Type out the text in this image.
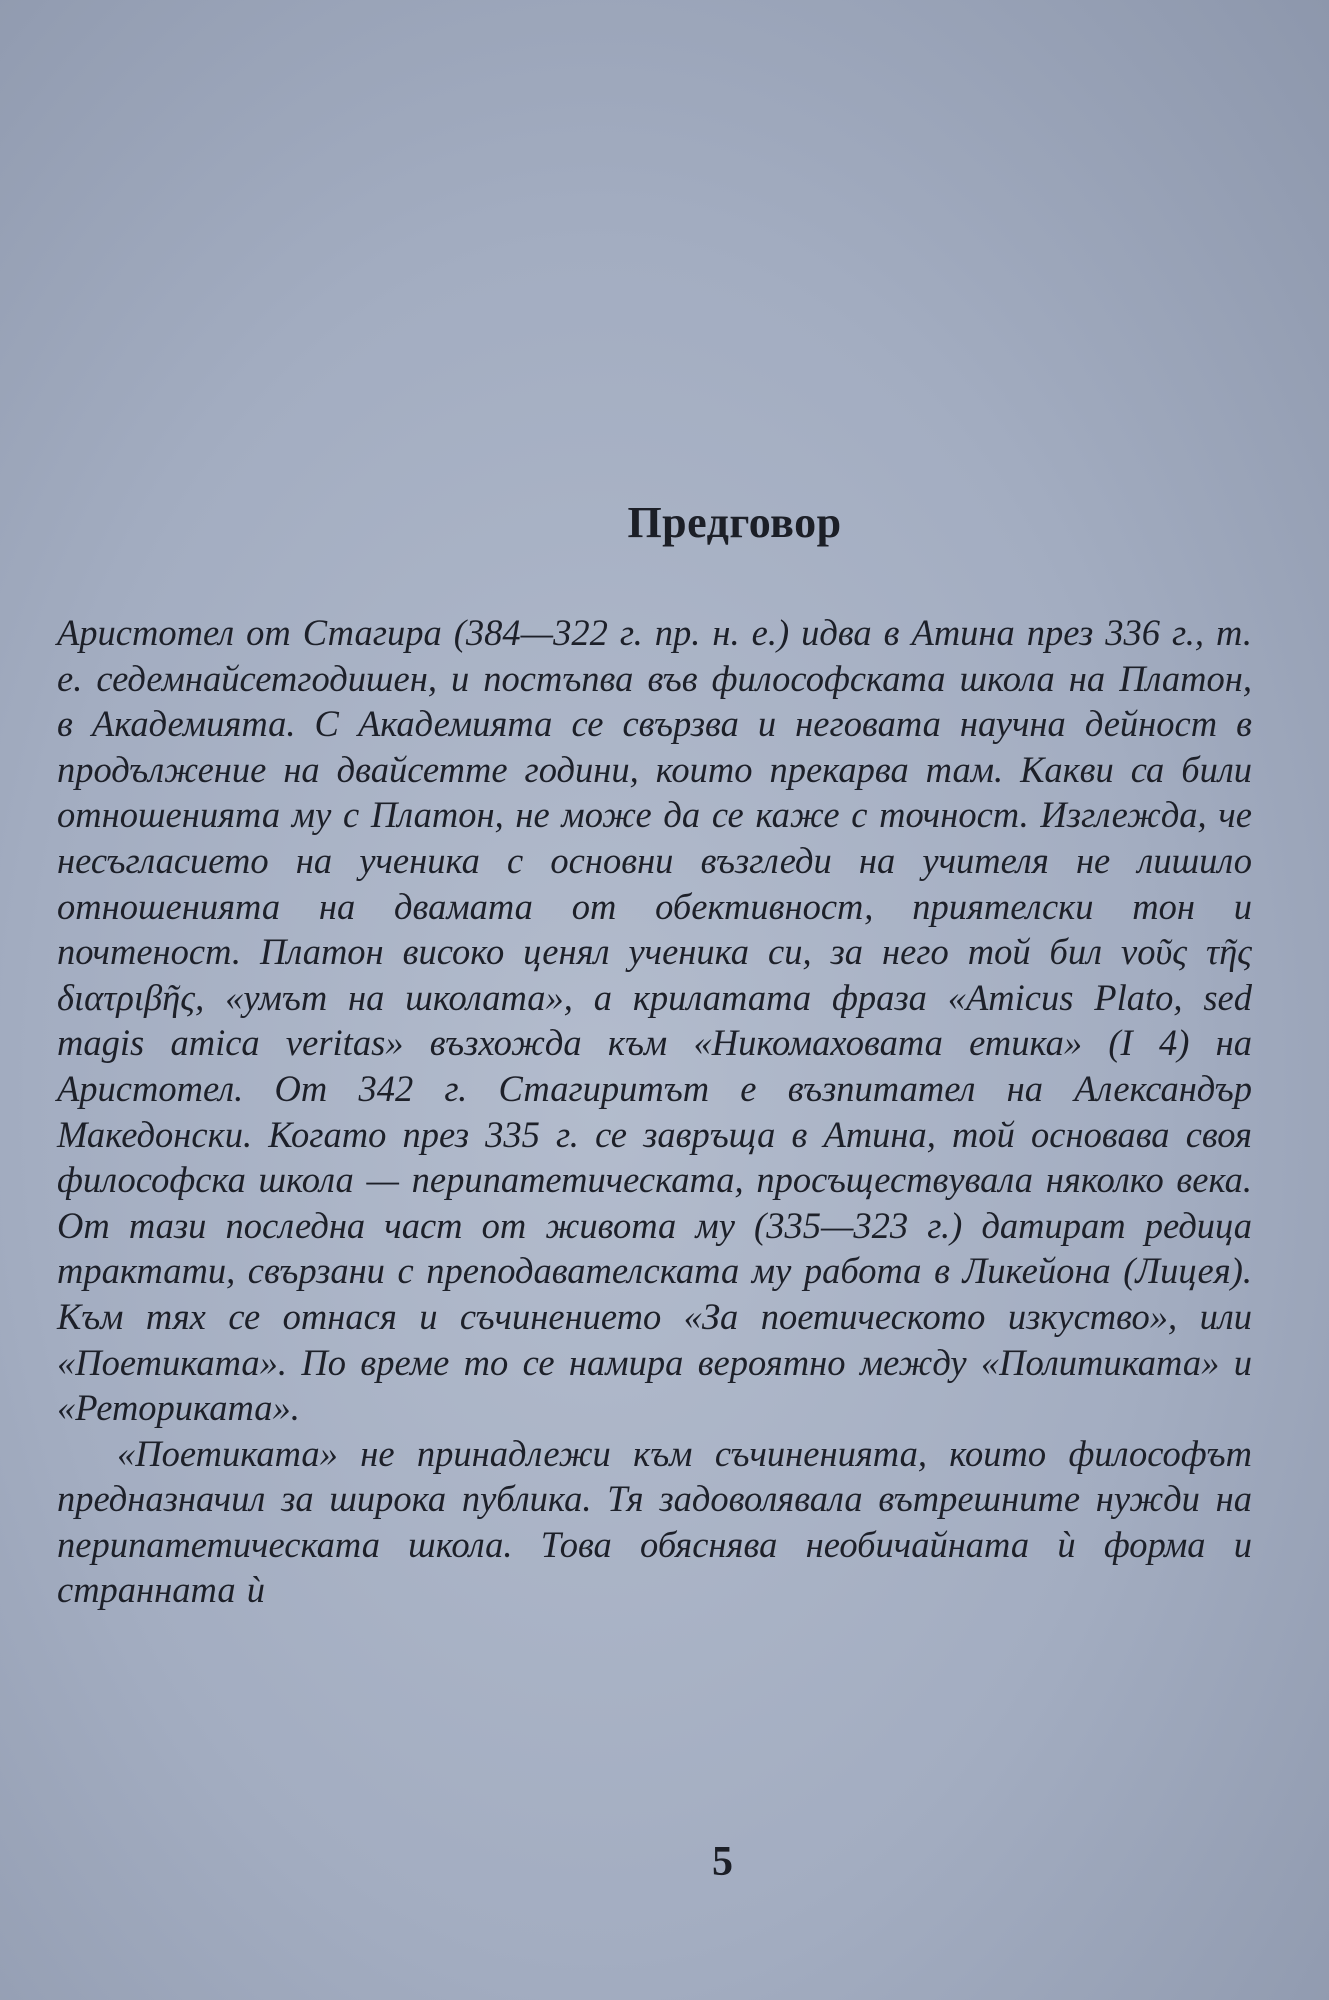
Предговор

Аристотел от Стагира (384—322 г. пр. н. е.) идва в Атина през 336 г., т. е. седемнайсетгодишен, и постъпва във философската школа на Платон, в Академията. С Академията се свързва и неговата научна дейност в продължение на двайсетте години, които прекарва там. Какви са били отношенията му с Платон, не може да се каже с точност. Изглежда, че несъгласието на ученика с основни възгледи на учителя не лишило отношенията на двамата от обективност, приятелски тон и почтеност. Платон високо ценял ученика си, за него той бил νοῦς τῆς διατριβῆς, «умът на школата», а крилатата фраза «Amicus Plato, sed magis amica veritas» възхожда към «Никомаховата етика» (I 4) на Аристотел. От 342 г. Стагиритът е възпитател на Александър Македонски. Когато през 335 г. се завръща в Атина, той основава своя философска школа — перипатетическата, просъществувала няколко века. От тази последна част от живота му (335—323 г.) датират редица трактати, свързани с преподавателската му работа в Ликейона (Лицея). Към тях се отнася и съчинението «За поетическото изкуство», или «Поетиката». По време то се намира вероятно между «Политиката» и «Реториката».

«Поетиката» не принадлежи към съчиненията, които философът предназначил за широка публика. Тя задоволявала вътрешните нужди на перипатетическата школа. Това обяснява необичайната ѝ форма и странната ѝ

5
